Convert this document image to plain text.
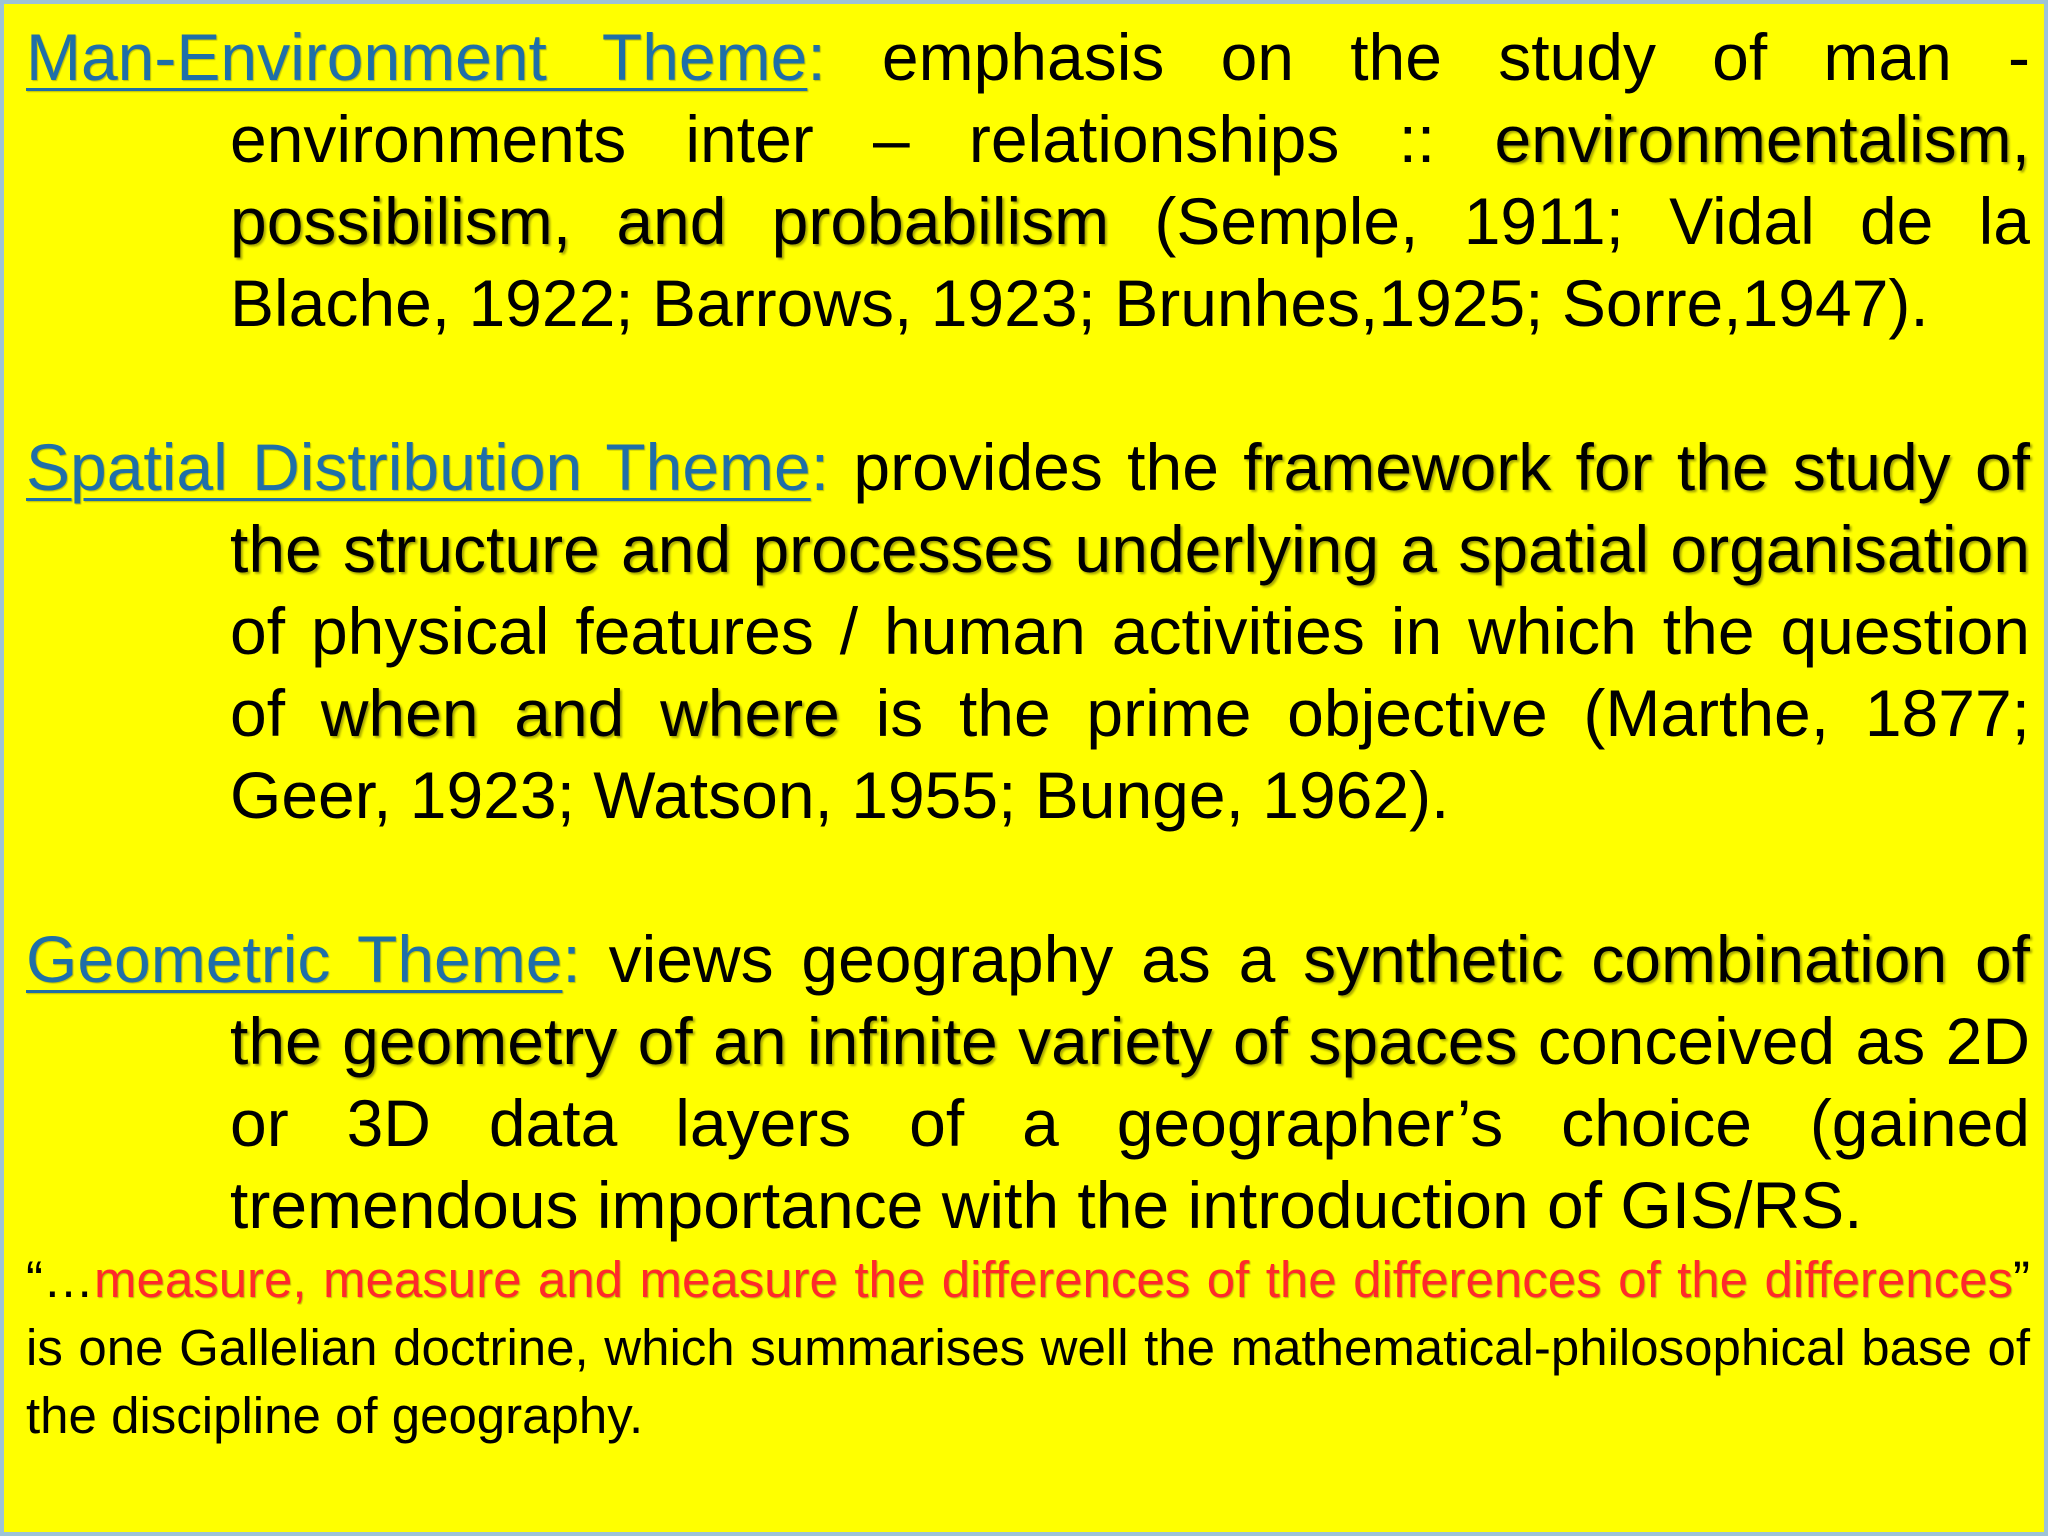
Man-Environment Theme: emphasis on the study of man - environments inter – relationships :: environmentalism, possibilism, and probabilism (Semple, 1911; Vidal de la Blache, 1922; Barrows, 1923; Brunhes,1925; Sorre,1947).

Spatial Distribution Theme: provides the framework for the study of the structure and processes underlying a spatial organisation of physical features / human activities in which the question of when and where is the prime objective (Marthe, 1877; Geer, 1923; Watson, 1955; Bunge, 1962).

Geometric Theme: views geography as a synthetic combination of the geometry of an infinite variety of spaces conceived as 2D or 3D data layers of a geographer’s choice (gained tremendous importance with the introduction of GIS/RS.

“…measure, measure and measure the differences of the differences of the differences” is one Gallelian doctrine, which summarises well the mathematical-philosophical base of the discipline of geography.
